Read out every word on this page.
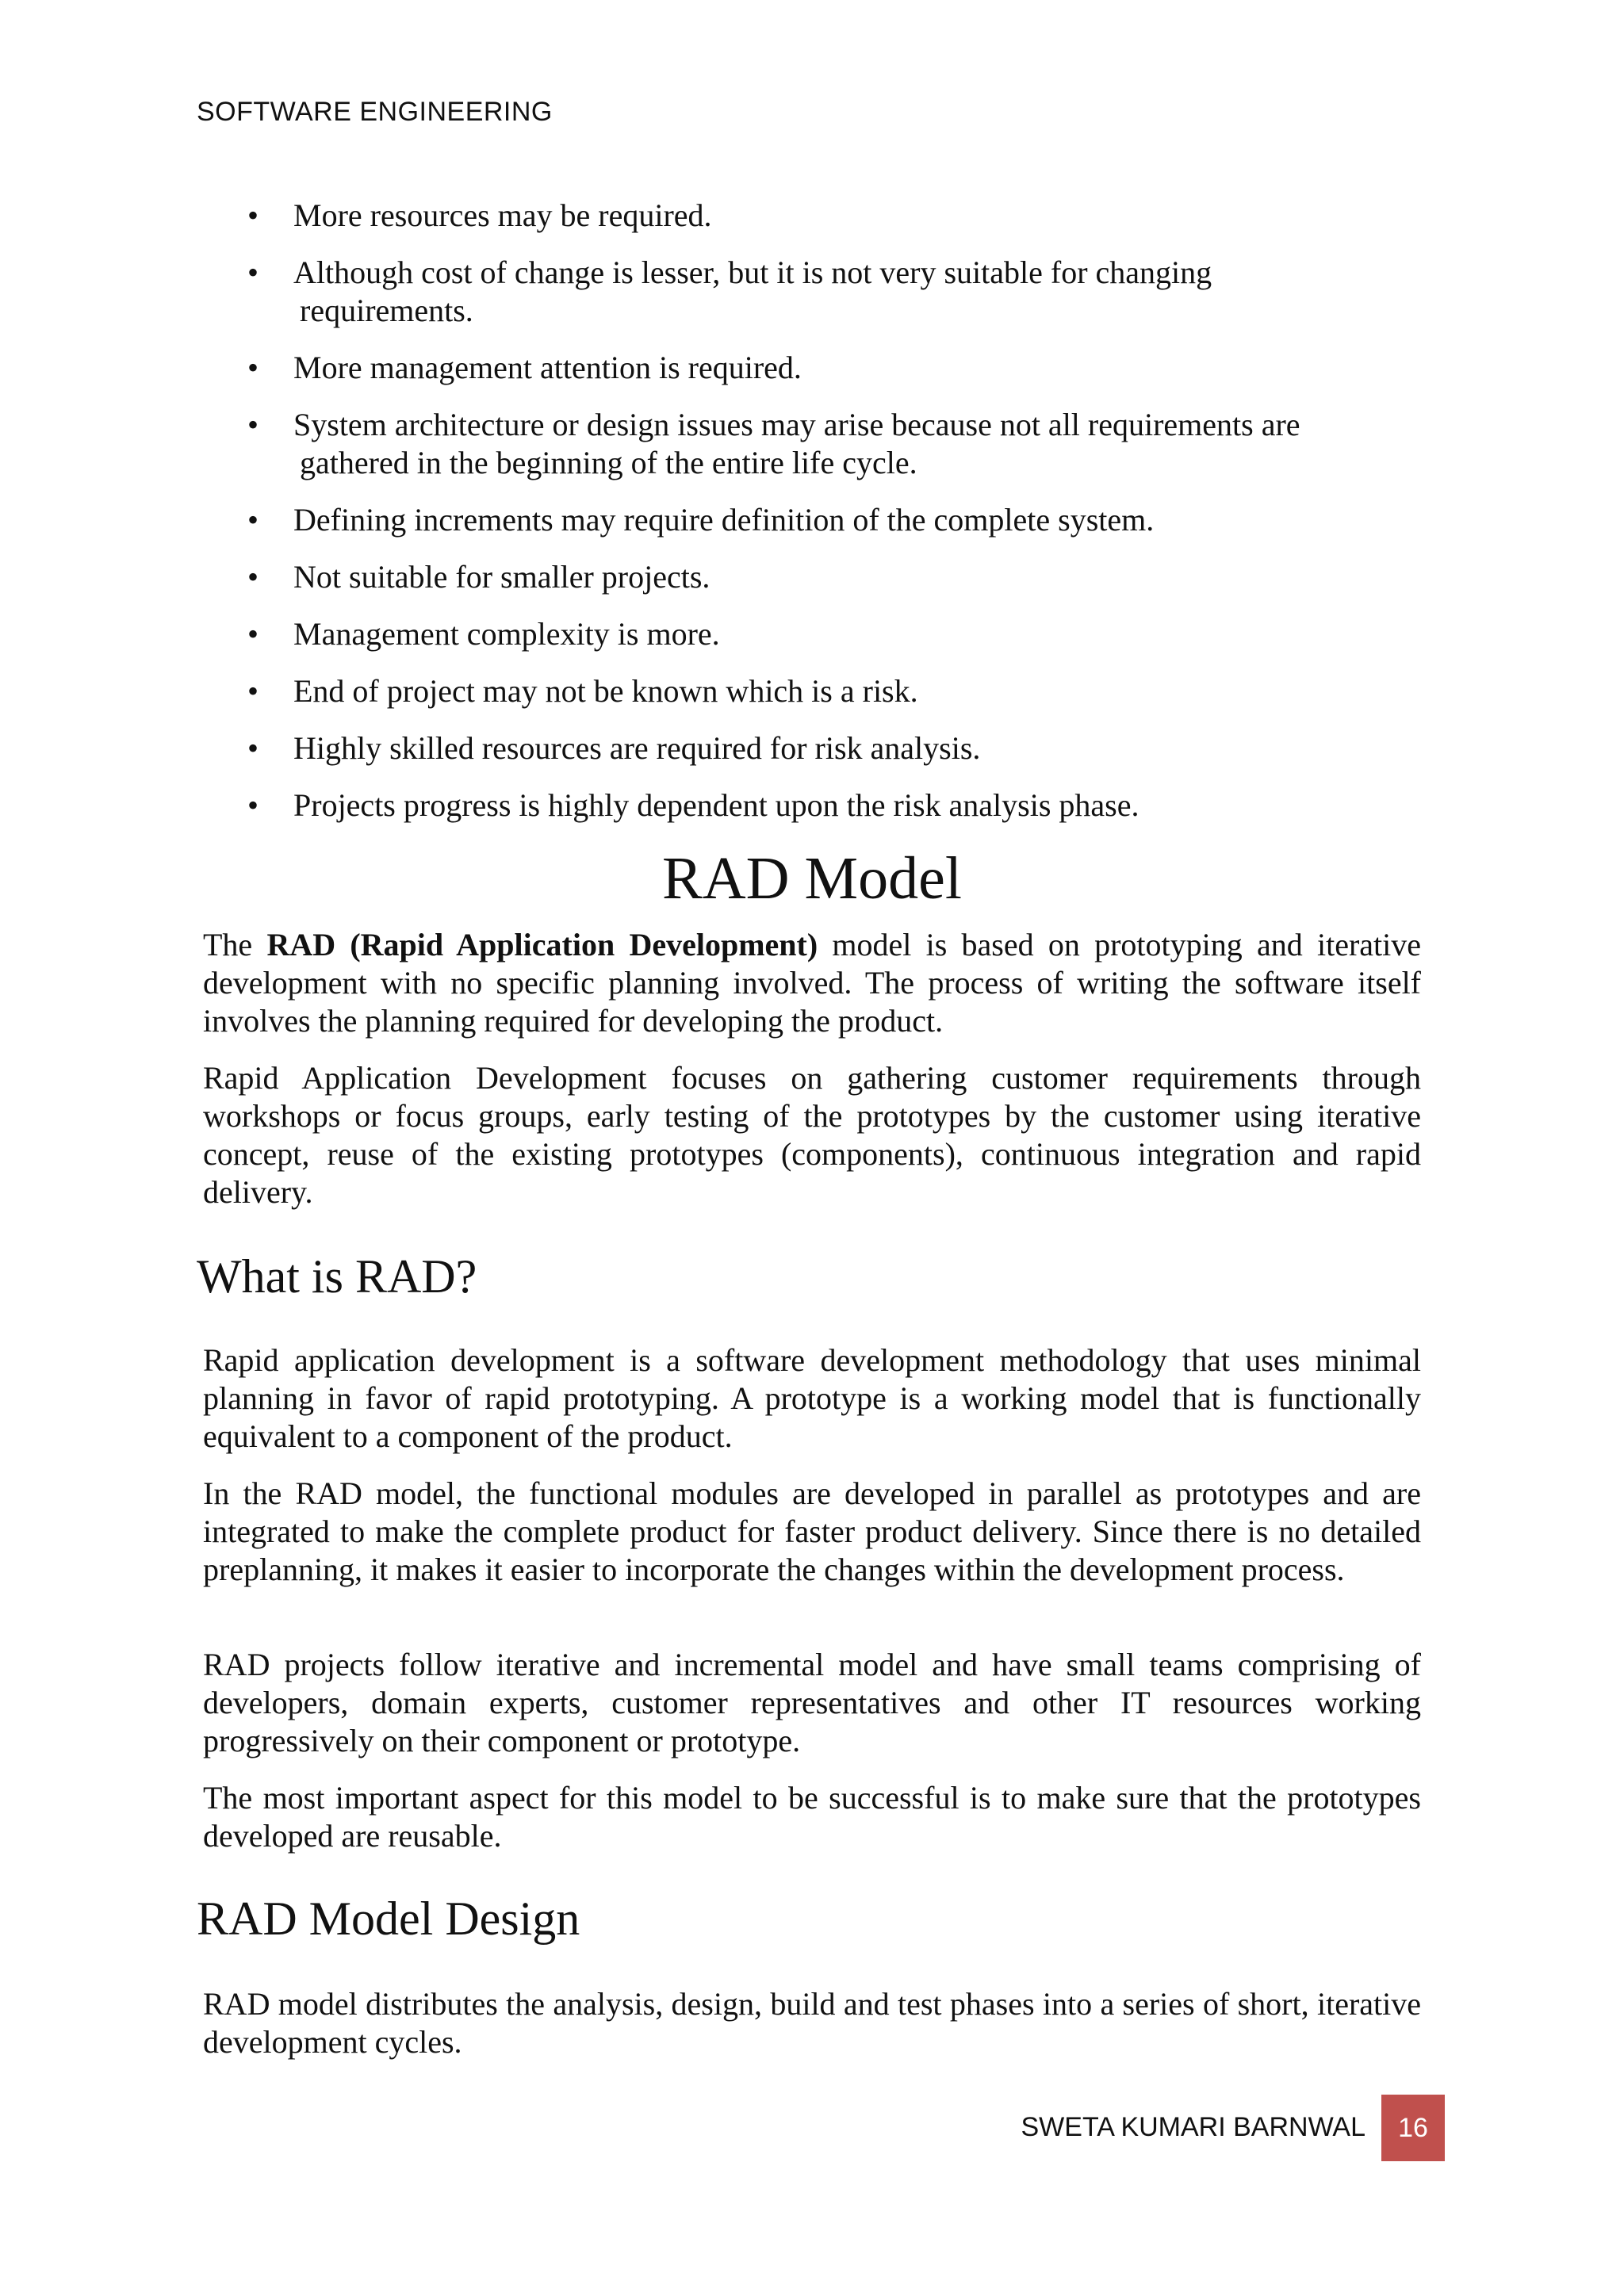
SOFTWARE ENGINEERING
• More resources may be required.
• Although cost of change is lesser, but it is not very suitable for changing
requirements.
• More management attention is required.
• System architecture or design issues may arise because not all requirements are
gathered in the beginning of the entire life cycle.
• Defining increments may require definition of the complete system.
• Not suitable for smaller projects.
• Management complexity is more.
• End of project may not be known which is a risk.
• Highly skilled resources are required for risk analysis.
• Projects progress is highly dependent upon the risk analysis phase.
RAD Model

The RAD (Rapid Application Development) model is based on prototyping and iterative development with no specific planning involved. The process of writing the software itself involves the planning required for developing the product.

Rapid Application Development focuses on gathering customer requirements through workshops or focus groups, early testing of the prototypes by the customer using iterative concept, reuse of the existing prototypes (components), continuous integration and rapid delivery.

What is RAD?

Rapid application development is a software development methodology that uses minimal planning in favor of rapid prototyping. A prototype is a working model that is functionally equivalent to a component of the product.

In the RAD model, the functional modules are developed in parallel as prototypes and are integrated to make the complete product for faster product delivery. Since there is no detailed preplanning, it makes it easier to incorporate the changes within the development process.

RAD projects follow iterative and incremental model and have small teams comprising of developers, domain experts, customer representatives and other IT resources working progressively on their component or prototype.

The most important aspect for this model to be successful is to make sure that the prototypes developed are reusable.

RAD Model Design

RAD model distributes the analysis, design, build and test phases into a series of short, iterative development cycles.

SWETA KUMARI BARNWAL	16
